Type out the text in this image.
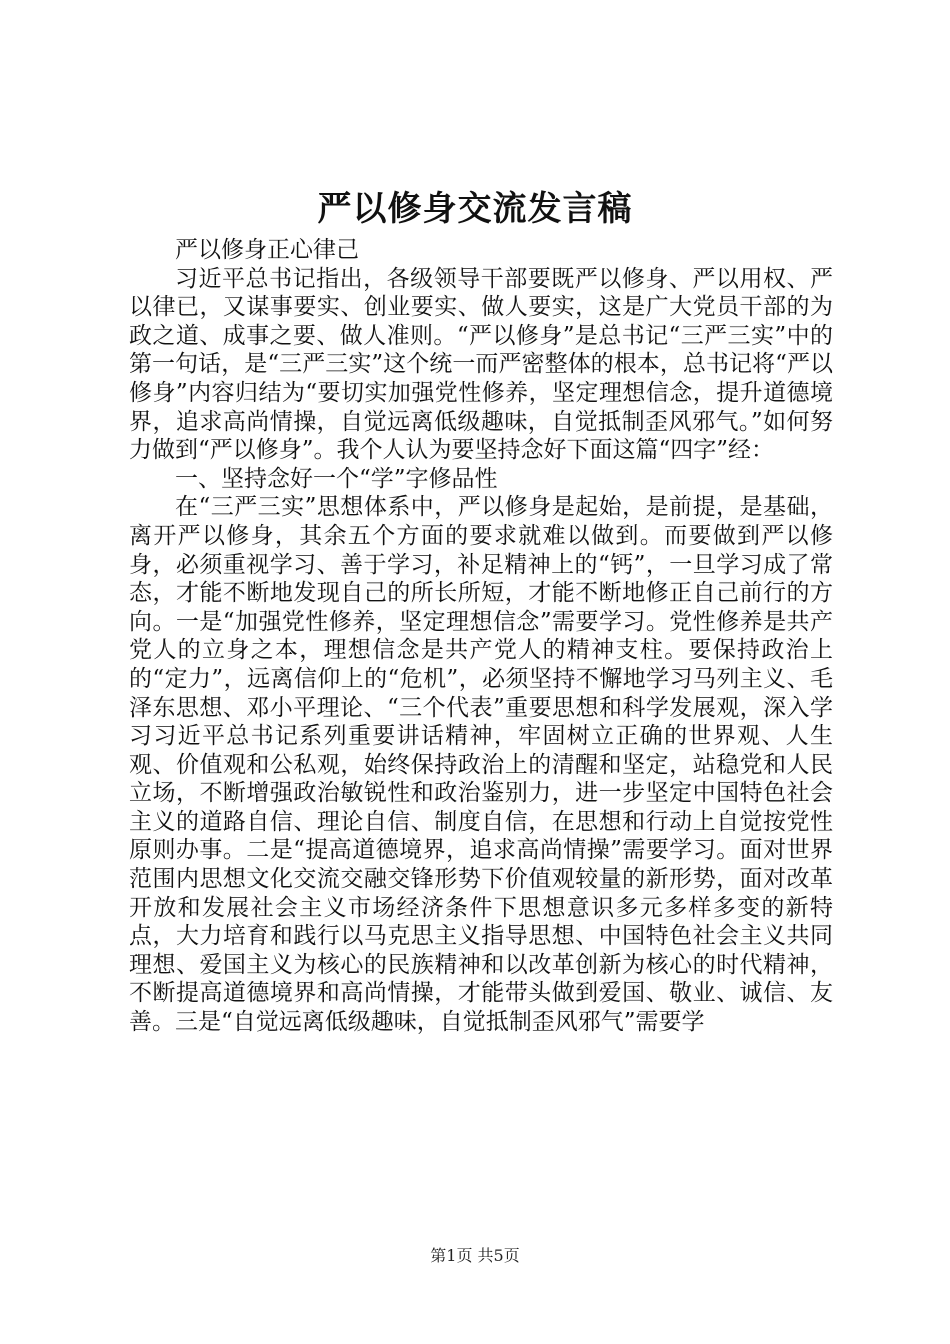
严以修身交流发言稿

严以修身正心律己

习近平总书记指出，各级领导干部要既严以修身、严以用权、严以律已，又谋事要实、创业要实、做人要实，这是广大党员干部的为政之道、成事之要、做人准则。“严以修身”是总书记“三严三实”中的第一句话，是“三严三实”这个统一而严密整体的根本，总书记将“严以修身”内容归结为“要切实加强党性修养，坚定理想信念，提升道德境界，追求高尚情操，自觉远离低级趣味，自觉抵制歪风邪气。”如何努力做到“严以修身”。我个人认为要坚持念好下面这篇“四字”经：

一、坚持念好一个“学”字修品性

在“三严三实”思想体系中，严以修身是起始，是前提，是基础，离开严以修身，其余五个方面的要求就难以做到。而要做到严以修身，必须重视学习、善于学习，补足精神上的“钙”，一旦学习成了常态，才能不断地发现自己的所长所短，才能不断地修正自己前行的方向。一是“加强党性修养，坚定理想信念”需要学习。党性修养是共产党人的立身之本，理想信念是共产党人的精神支柱。要保持政治上的“定力”，远离信仰上的“危机”，必须坚持不懈地学习马列主义、毛泽东思想、邓小平理论、“三个代表”重要思想和科学发展观，深入学习习近平总书记系列重要讲话精神，牢固树立正确的世界观、人生观、价值观和公私观，始终保持政治上的清醒和坚定，站稳党和人民立场，不断增强政治敏锐性和政治鉴别力，进一步坚定中国特色社会主义的道路自信、理论自信、制度自信，在思想和行动上自觉按党性原则办事。二是“提高道德境界，追求高尚情操”需要学习。面对世界范围内思想文化交流交融交锋形势下价值观较量的新形势，面对改革开放和发展社会主义市场经济条件下思想意识多元多样多变的新特点，大力培育和践行以马克思主义指导思想、中国特色社会主义共同理想、爱国主义为核心的民族精神和以改革创新为核心的时代精神，不断提高道德境界和高尚情操，才能带头做到爱国、敬业、诚信、友善。三是“自觉远离低级趣味，自觉抵制歪风邪气”需要学

第1页 共5页
